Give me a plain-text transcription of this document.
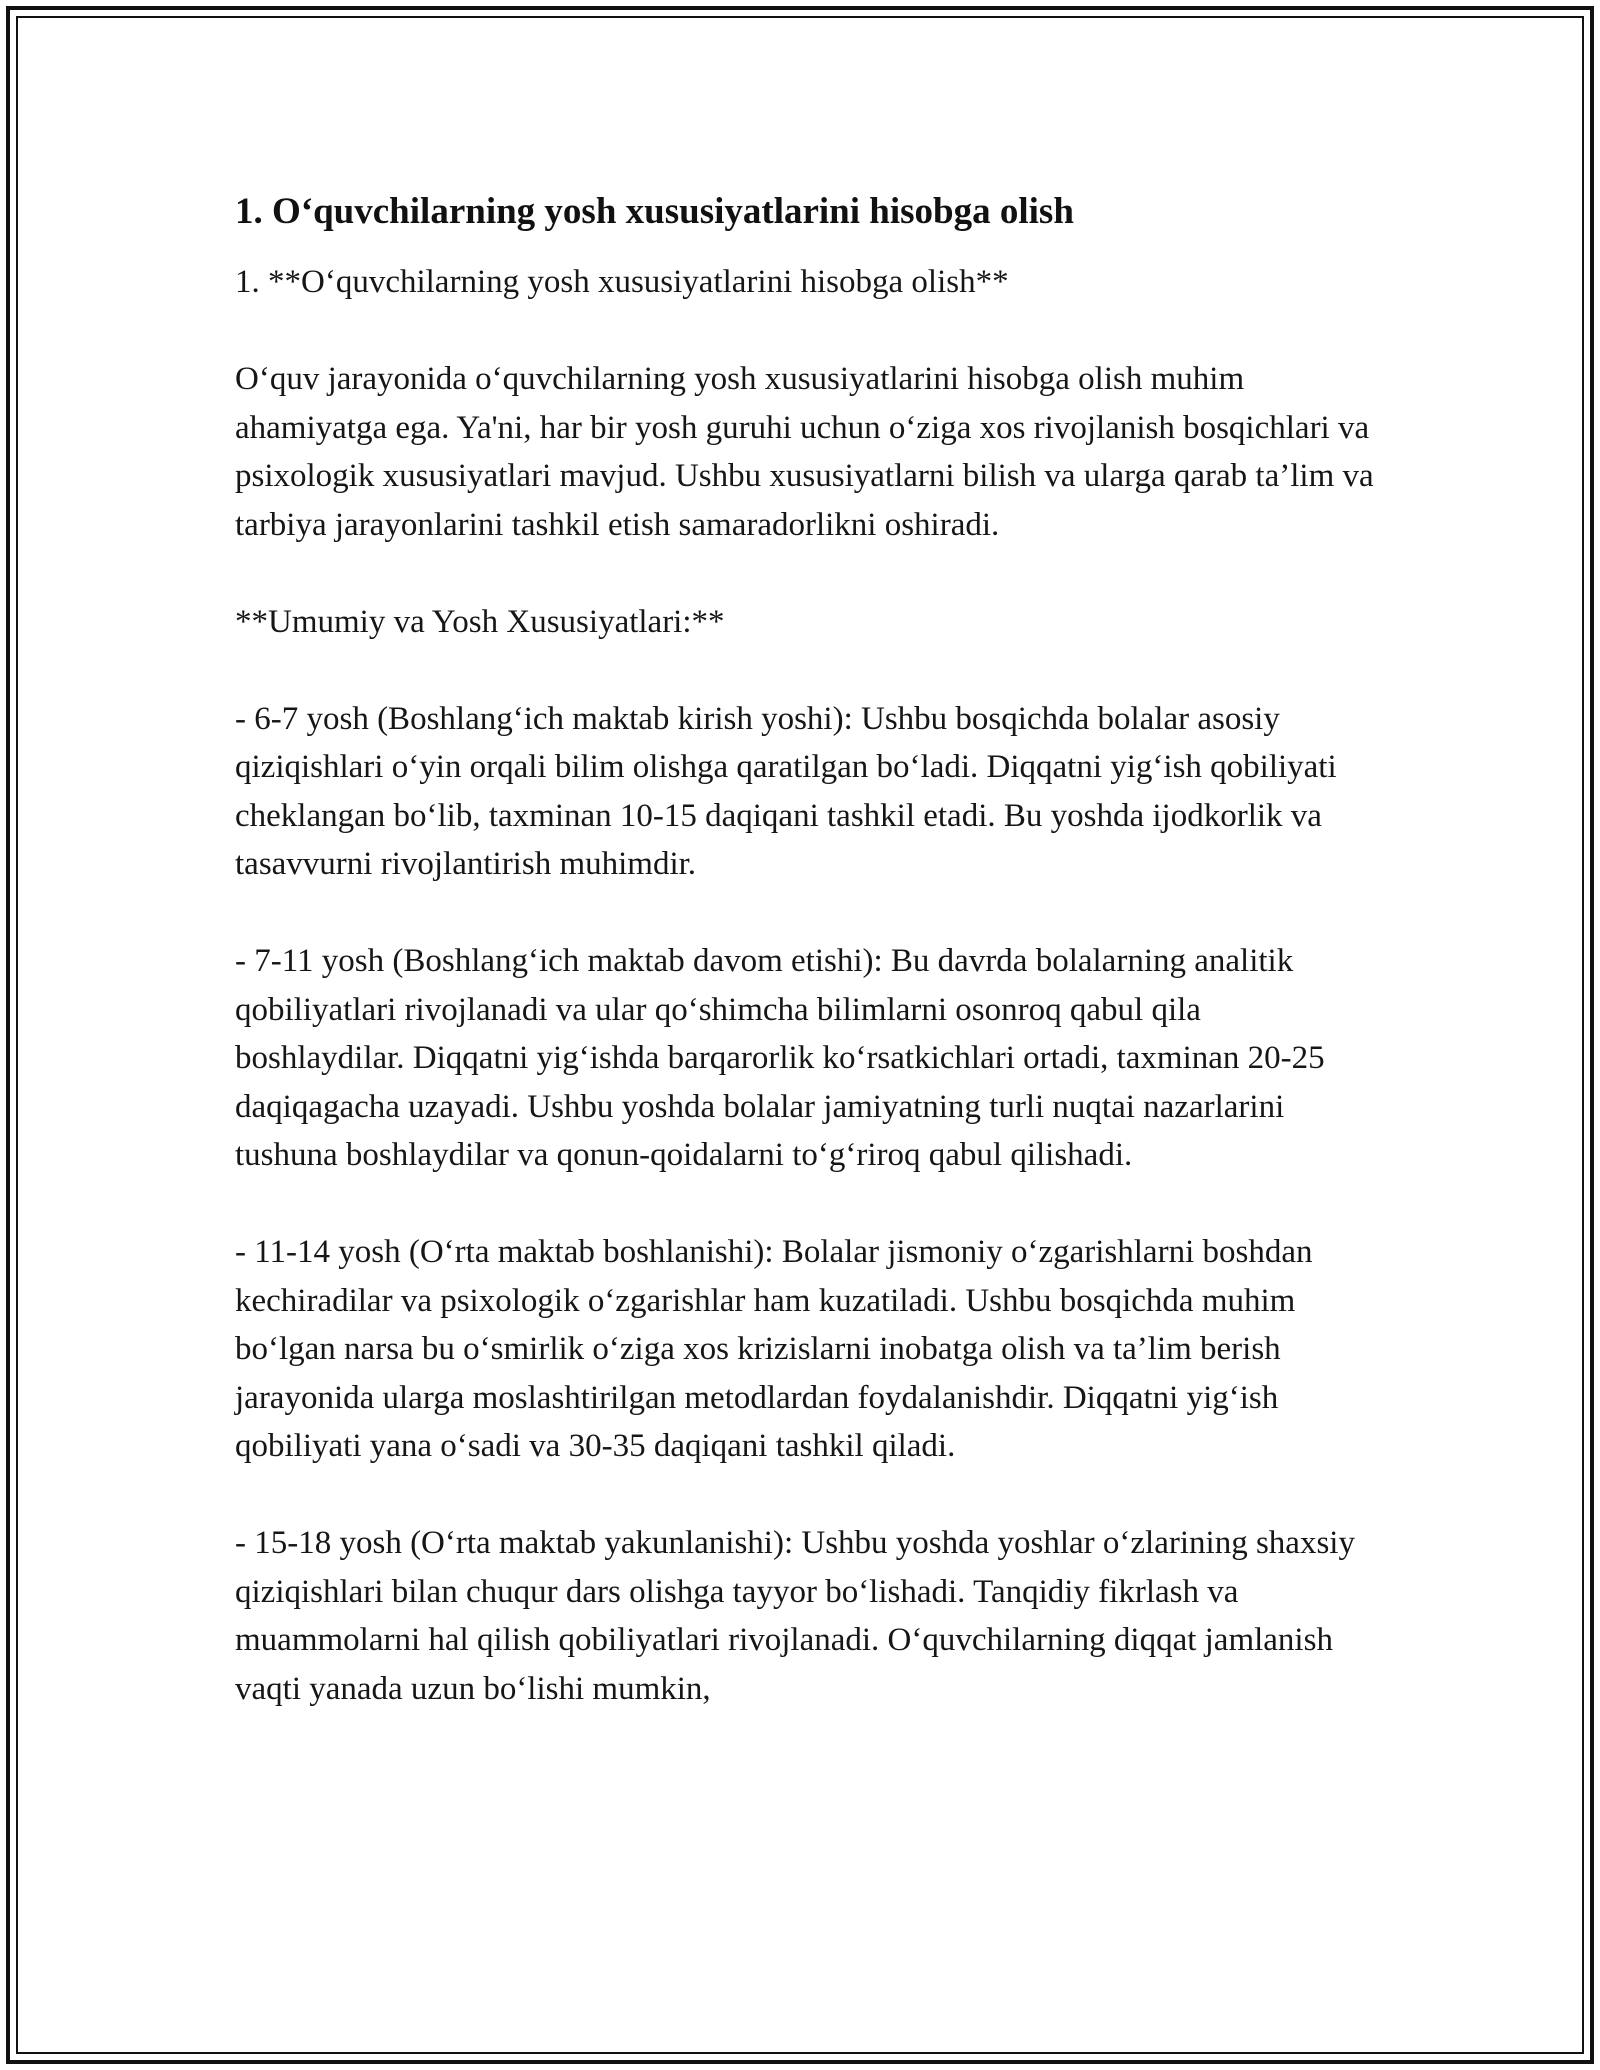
1. O‘quvchilarning yosh xususiyatlarini hisobga olish

1. **O‘quvchilarning yosh xususiyatlarini hisobga olish**

O‘quv jarayonida o‘quvchilarning yosh xususiyatlarini hisobga olish muhim ahamiyatga ega. Ya'ni, har bir yosh guruhi uchun o‘ziga xos rivojlanish bosqichlari va psixologik xususiyatlari mavjud. Ushbu xususiyatlarni bilish va ularga qarab ta’lim va tarbiya jarayonlarini tashkil etish samaradorlikni oshiradi.

**Umumiy va Yosh Xususiyatlari:**

- 6-7 yosh (Boshlang‘ich maktab kirish yoshi): Ushbu bosqichda bolalar asosiy qiziqishlari o‘yin orqali bilim olishga qaratilgan bo‘ladi. Diqqatni yig‘ish qobiliyati cheklangan bo‘lib, taxminan 10-15 daqiqani tashkil etadi. Bu yoshda ijodkorlik va tasavvurni rivojlantirish muhimdir.

- 7-11 yosh (Boshlang‘ich maktab davom etishi): Bu davrda bolalarning analitik qobiliyatlari rivojlanadi va ular qo‘shimcha bilimlarni osonroq qabul qila boshlaydilar. Diqqatni yig‘ishda barqarorlik ko‘rsatkichlari ortadi, taxminan 20-25 daqiqagacha uzayadi. Ushbu yoshda bolalar jamiyatning turli nuqtai nazarlarini tushuna boshlaydilar va qonun-qoidalarni to‘g‘riroq qabul qilishadi.

- 11-14 yosh (O‘rta maktab boshlanishi): Bolalar jismoniy o‘zgarishlarni boshdan kechiradilar va psixologik o‘zgarishlar ham kuzatiladi. Ushbu bosqichda muhim bo‘lgan narsa bu o‘smirlik o‘ziga xos krizislarni inobatga olish va ta’lim berish jarayonida ularga moslashtirilgan metodlardan foydalanishdir. Diqqatni yig‘ish qobiliyati yana o‘sadi va 30-35 daqiqani tashkil qiladi.

- 15-18 yosh (O‘rta maktab yakunlanishi): Ushbu yoshda yoshlar o‘zlarining shaxsiy qiziqishlari bilan chuqur dars olishga tayyor bo‘lishadi. Tanqidiy fikrlash va muammolarni hal qilish qobiliyatlari rivojlanadi. O‘quvchilarning diqqat jamlanish vaqti yanada uzun bo‘lishi mumkin,
